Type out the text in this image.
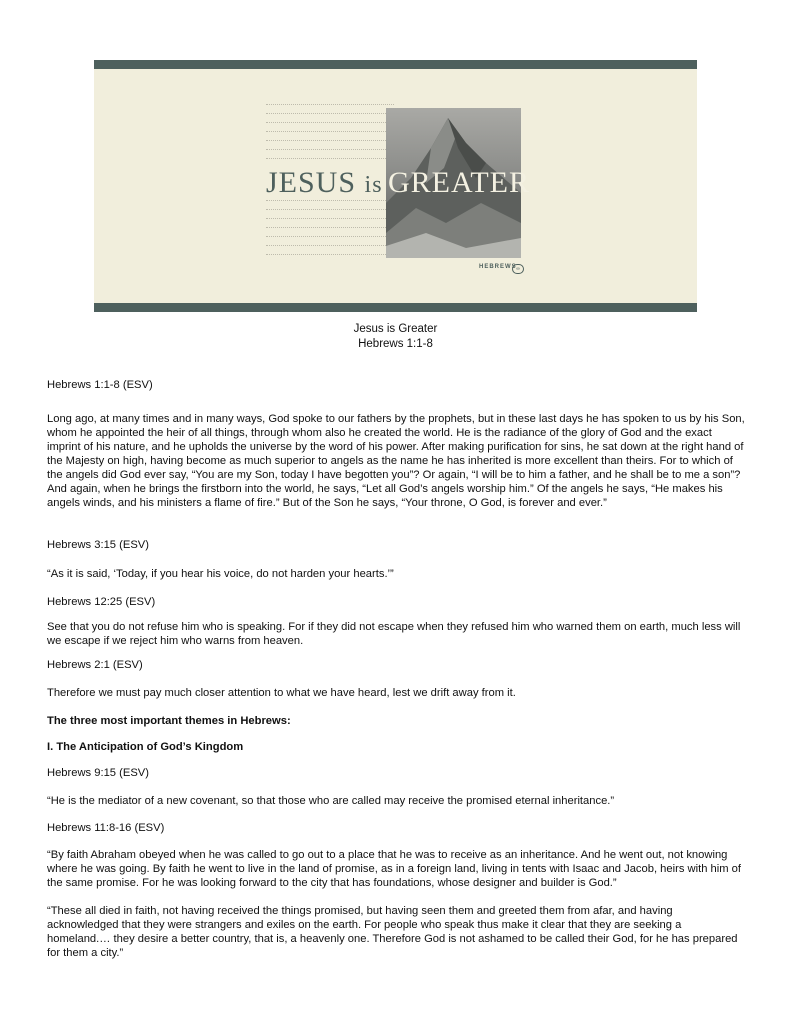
JESUS is GREATER
HEBREWS ∞
Jesus is Greater
Hebrews 1:1-8
Hebrews 1:1-8 (ESV)

Long ago, at many times and in many ways, God spoke to our fathers by the prophets, but in these last days he has spoken to us by his Son, whom he appointed the heir of all things, through whom also he created the world. He is the radiance of the glory of God and the exact imprint of his nature, and he upholds the universe by the word of his power. After making purification for sins, he sat down at the right hand of the Majesty on high, having become as much superior to angels as the name he has inherited is more excellent than theirs. For to which of the angels did God ever say, “You are my Son, today I have begotten you”? Or again, “I will be to him a father, and he shall be to me a son”? And again, when he brings the firstborn into the world, he says, “Let all God’s angels worship him.” Of the angels he says, “He makes his angels winds, and his ministers a flame of fire.” But of the Son he says, “Your throne, O God, is forever and ever.”

Hebrews 3:15 (ESV)
“As it is said, ‘Today, if you hear his voice, do not harden your hearts.’”
Hebrews 12:25 (ESV)

See that you do not refuse him who is speaking. For if they did not escape when they refused him who warned them on earth, much less will we escape if we reject him who warns from heaven.

Hebrews 2:1 (ESV)
Therefore we must pay much closer attention to what we have heard, lest we drift away from it.
The three most important themes in Hebrews:
I. The Anticipation of God’s Kingdom
Hebrews 9:15 (ESV)
“He is the mediator of a new covenant, so that those who are called may receive the promised eternal inheritance.”
Hebrews 11:8-16 (ESV)

“By faith Abraham obeyed when he was called to go out to a place that he was to receive as an inheritance. And he went out, not knowing where he was going. By faith he went to live in the land of promise, as in a foreign land, living in tents with Isaac and Jacob, heirs with him of the same promise. For he was looking forward to the city that has foundations, whose designer and builder is God.”

“These all died in faith, not having received the things promised, but having seen them and greeted them from afar, and having acknowledged that they were strangers and exiles on the earth. For people who speak thus make it clear that they are seeking a homeland.… they desire a better country, that is, a heavenly one. Therefore God is not ashamed to be called their God, for he has prepared for them a city.”
